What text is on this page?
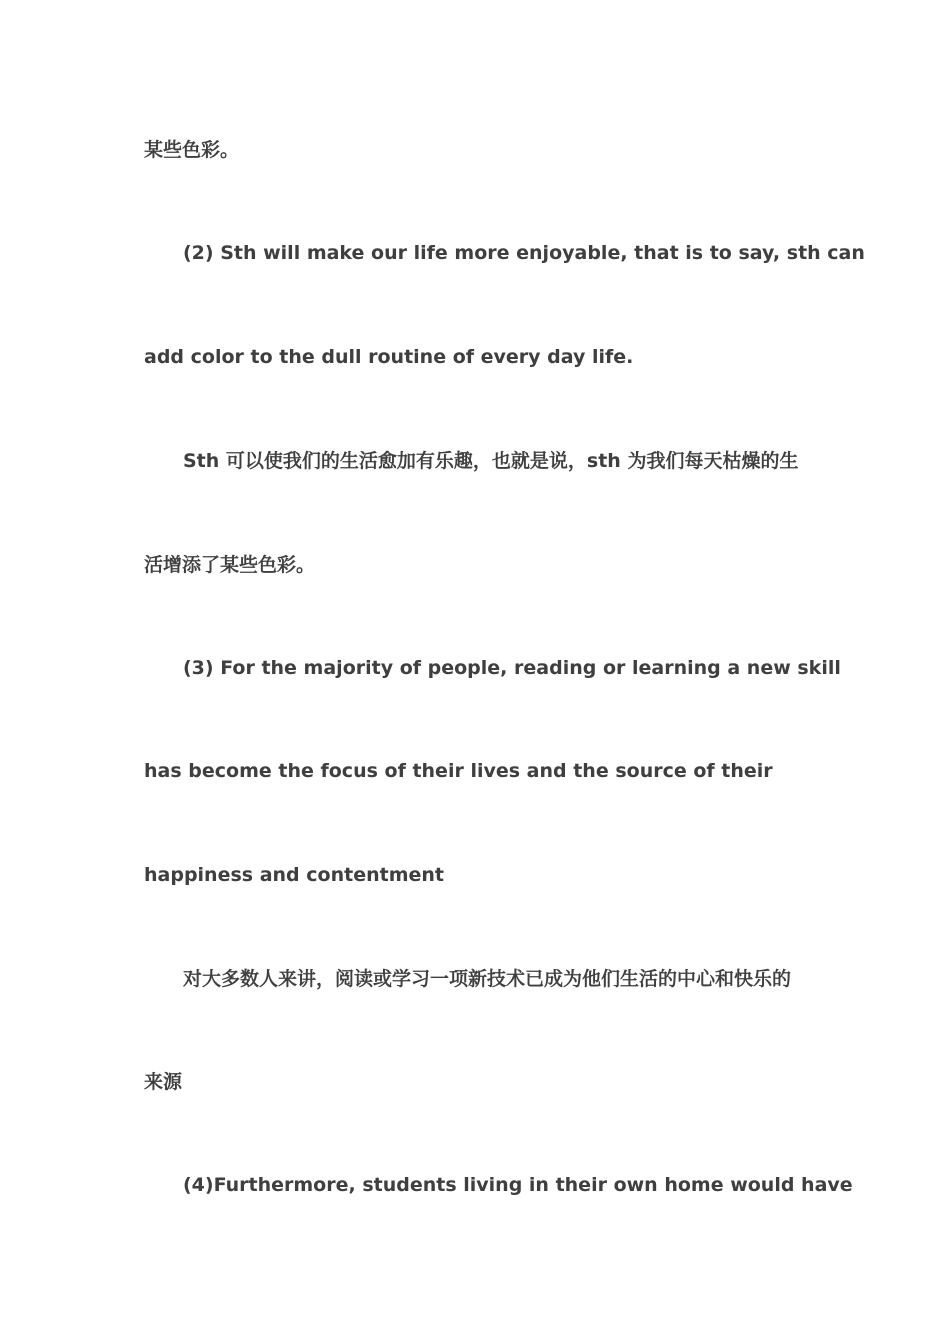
某些色彩。
(2) Sth will make our life more enjoyable, that is to say, sth can
add color to the dull routine of every day life.
Sth 可以使我们的生活愈加有乐趣，也就是说，sth 为我们每天枯燥的生
活增添了某些色彩。
(3) For the majority of people, reading or learning a new skill
has become the focus of their lives and the source of their
happiness and contentment
对大多数人来讲，阅读或学习一项新技术已成为他们生活的中心和快乐的
来源
(4)Furthermore, students living in their own home would have
